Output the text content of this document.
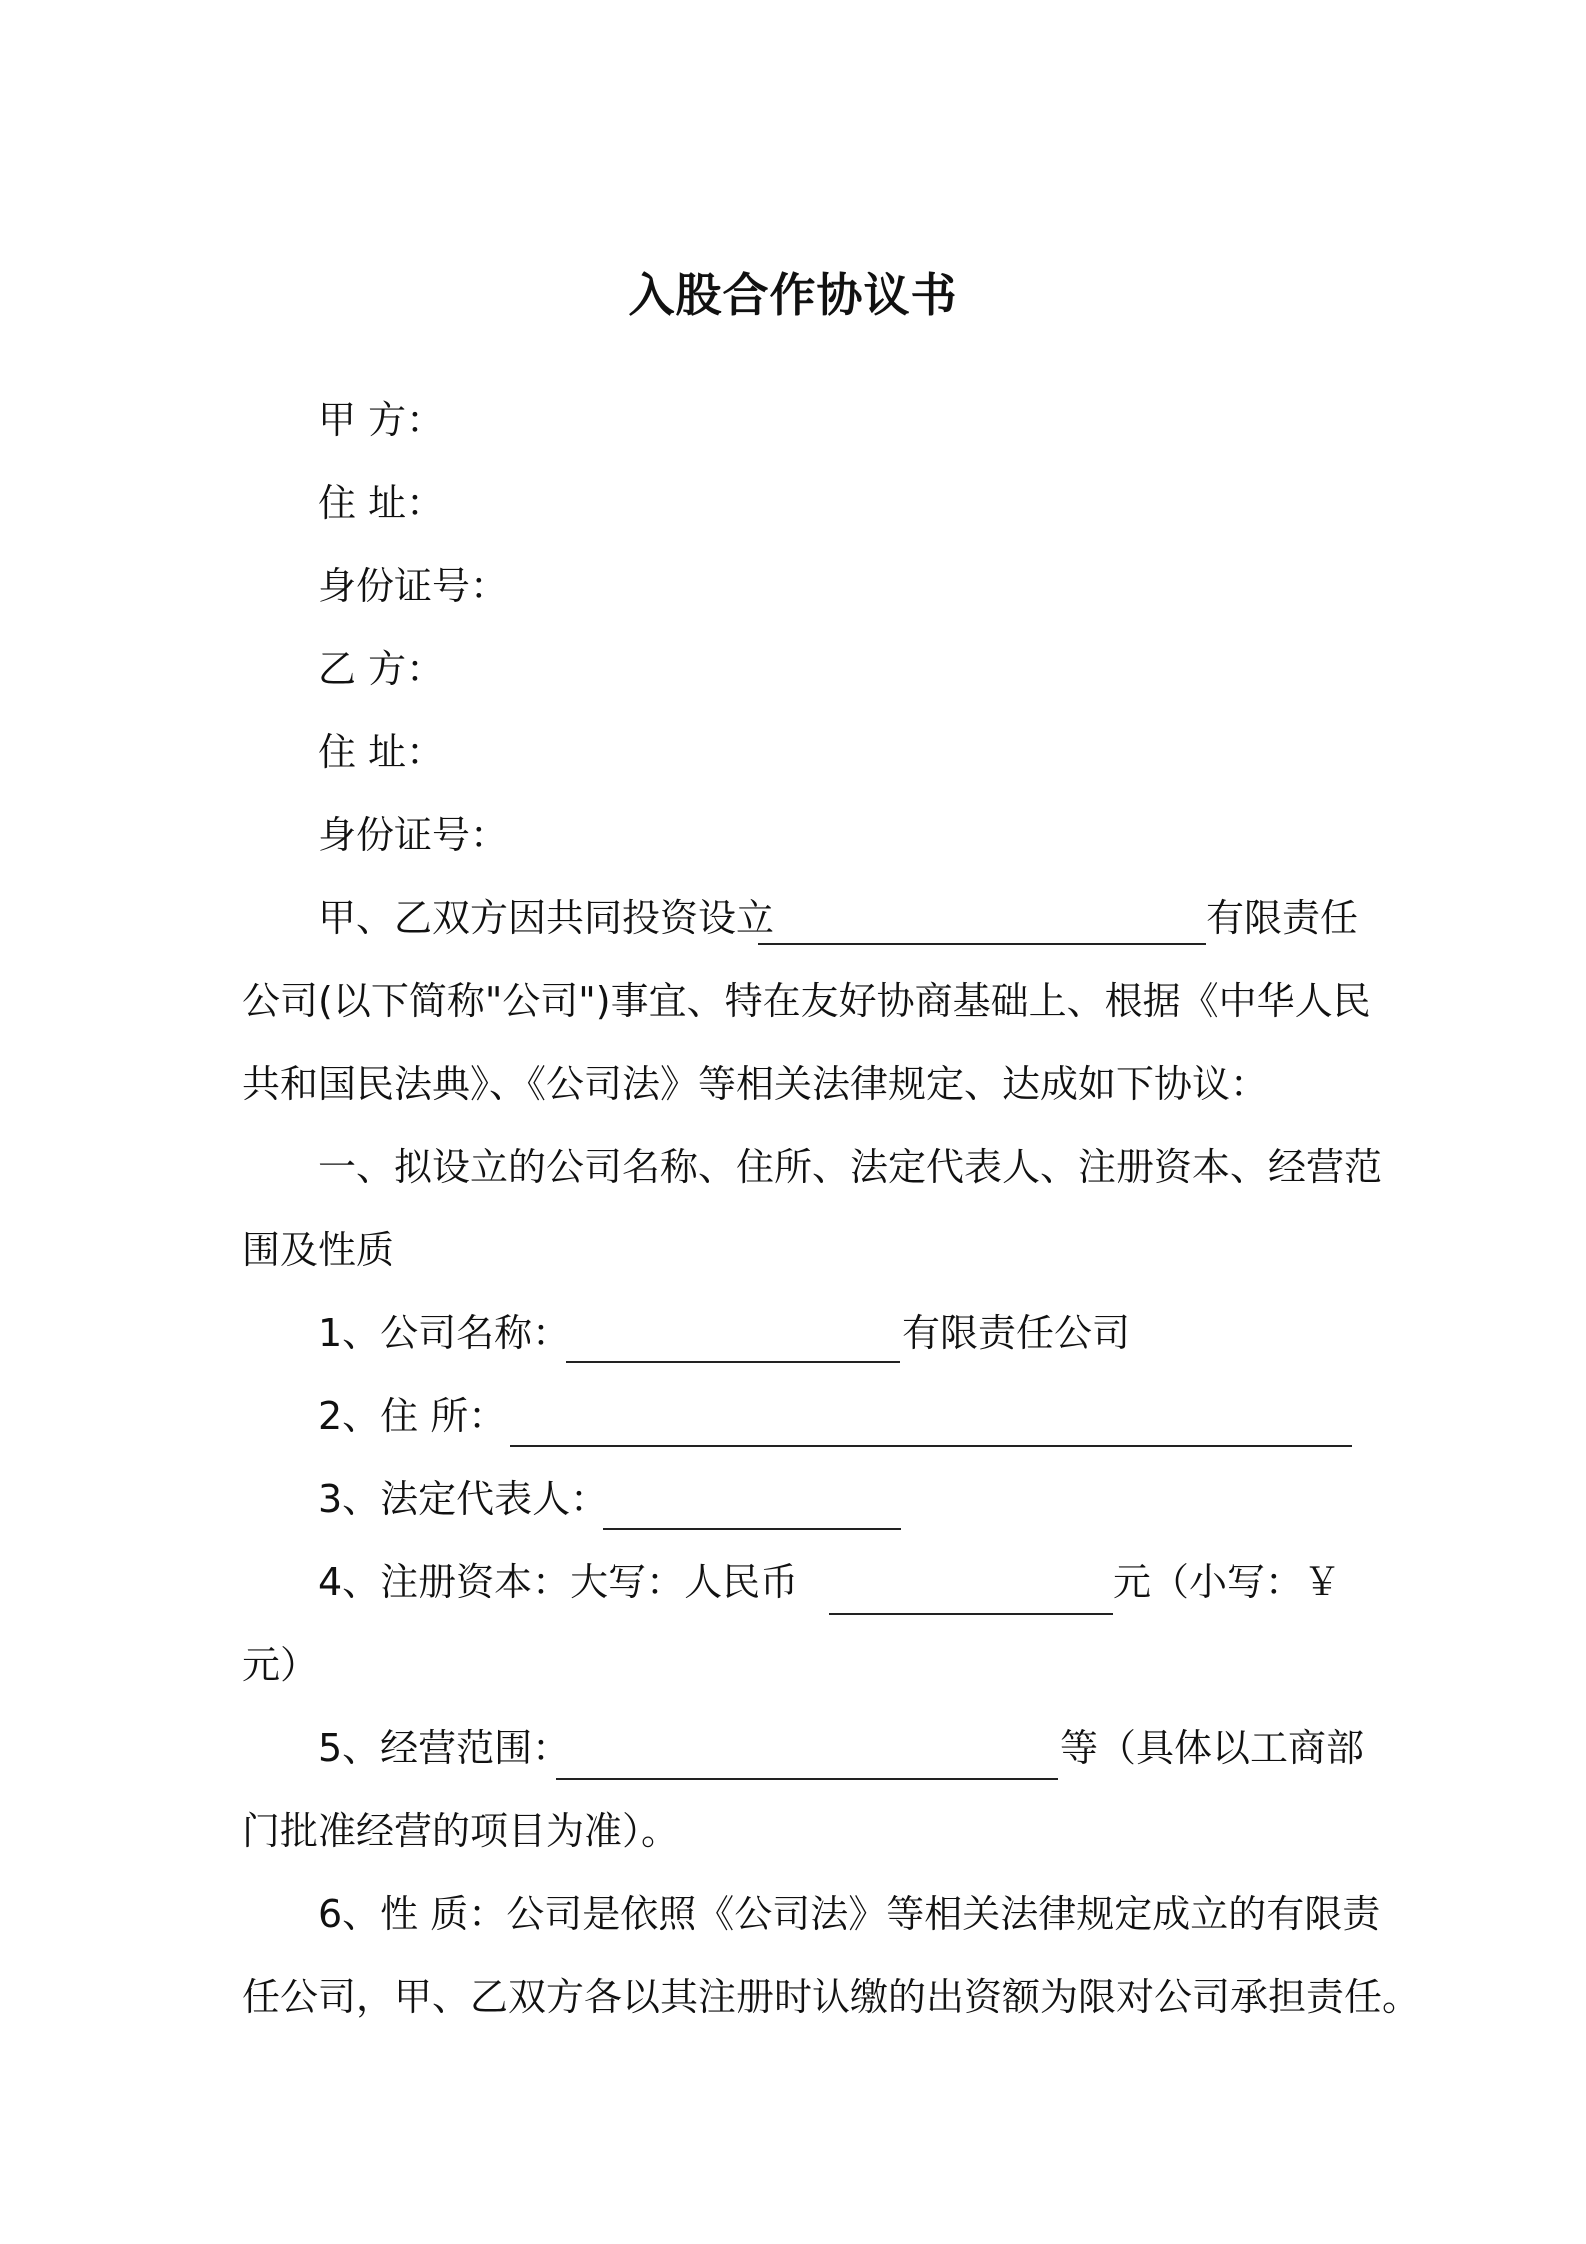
入股合作协议书
甲 方：
住 址：
身份证号：
乙 方：
住 址：
身份证号：
甲、乙双方因共同投资设立	有限责任
公司(以下简称"公司")事宜、特在友好协商基础上、根据《中华人民
共和国民法典》、《公司法》等相关法律规定、达成如下协议：
一、拟设立的公司名称、住所、法定代表人、注册资本、经营范
围及性质
1、公司名称：	有限责任公司
2、住 所：
3、法定代表人：
4、注册资本：大写：人民币	元（小写：￥
元）
5、经营范围：	等（具体以工商部
门批准经营的项目为准）。
6、性 质：公司是依照《公司法》等相关法律规定成立的有限责
任公司，甲、乙双方各以其注册时认缴的出资额为限对公司承担责任。
